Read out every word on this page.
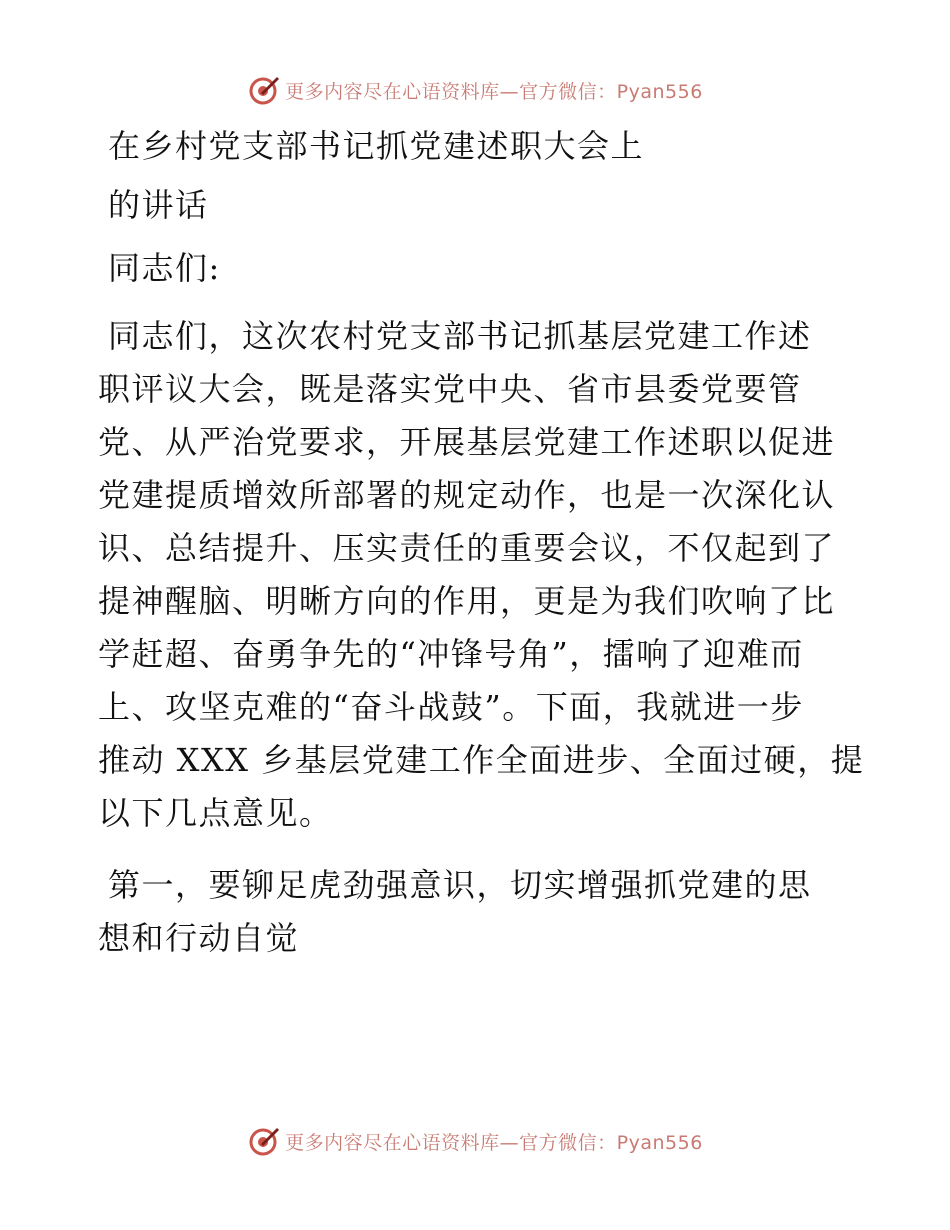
更多内容尽在心语资料库—官方微信：Pyan556

在乡村党支部书记抓党建述职大会上

的讲话

同志们:

同志们，这次农村党支部书记抓基层党建工作述
职评议大会，既是落实党中央、省市县委党要管
党、从严治党要求，开展基层党建工作述职以促进
党建提质增效所部署的规定动作，也是一次深化认
识、总结提升、压实责任的重要会议，不仅起到了
提神醒脑、明晰方向的作用，更是为我们吹响了比
学赶超、奋勇争先的“冲锋号角”，擂响了迎难而
上、攻坚克难的“奋斗战鼓”。下面，我就进一步
推动 XXX 乡基层党建工作全面进步、全面过硬，提
以下几点意见。
第一，要铆足虎劲强意识，切实增强抓党建的思
想和行动自觉
更多内容尽在心语资料库—官方微信：Pyan556
